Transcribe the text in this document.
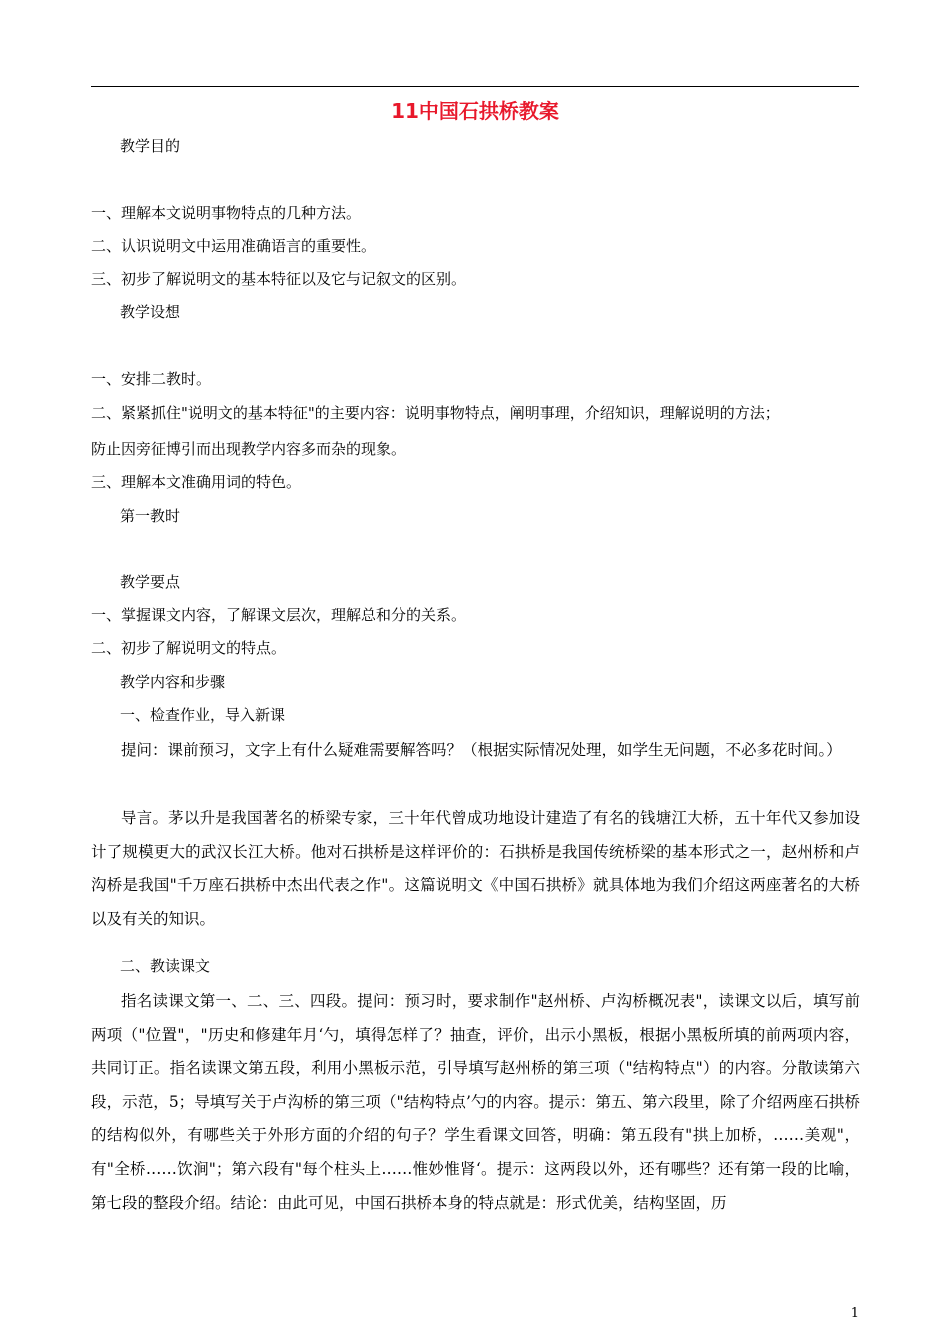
11中国石拱桥教案
教学目的
一、理解本文说明事物特点的几种方法。
二、认识说明文中运用准确语言的重要性。
三、初步了解说明文的基本特征以及它与记叙文的区别。
教学设想
一、安排二教时。
二、紧紧抓住"说明文的基本特征"的主要内容：说明事物特点，阐明事理，介绍知识，理解说明的方法；
防止因旁征博引而出现教学内容多而杂的现象。
三、理解本文准确用词的特色。
第一教时
教学要点
一、掌握课文内容，了解课文层次，理解总和分的关系。
二、初步了解说明文的特点。
教学内容和步骤
一、检查作业，导入新课
提问：课前预习，文字上有什么疑难需要解答吗？（根据实际情况处理，如学生无问题，不必多花时间。）
导言。茅以升是我国著名的桥梁专家，三十年代曾成功地设计建造了有名的钱塘江大桥，五十年代又参加设计了规模更大的武汉长江大桥。他对石拱桥是这样评价的：石拱桥是我国传统桥梁的基本形式之一，赵州桥和卢沟桥是我国"千万座石拱桥中杰出代表之作"。这篇说明文《中国石拱桥》就具体地为我们介绍这两座著名的大桥以及有关的知识。
二、教读课文
指名读课文第一、二、三、四段。提问：预习时，要求制作"赵州桥、卢沟桥概况表"，读课文以后，填写前两项（"位置"，"历史和修建年月‘勺，填得怎样了？抽查，评价，出示小黑板，根据小黑板所填的前两项内容，共同订正。指名读课文第五段，利用小黑板示范，引导填写赵州桥的第三项（"结构特点"）的内容。分散读第六段，示范，5；导填写关于卢沟桥的第三项（"结构特点’勺的内容。提示：第五、第六段里，除了介绍两座石拱桥的结构似外，有哪些关于外形方面的介绍的句子？学生看课文回答，明确：第五段有"拱上加桥，……美观"，有"全桥……饮涧"；第六段有"每个柱头上……惟妙惟肾‘。提示：这两段以外，还有哪些？还有第一段的比喻，第七段的整段介绍。结论：由此可见，中国石拱桥本身的特点就是：形式优美，结构坚固，历
1
